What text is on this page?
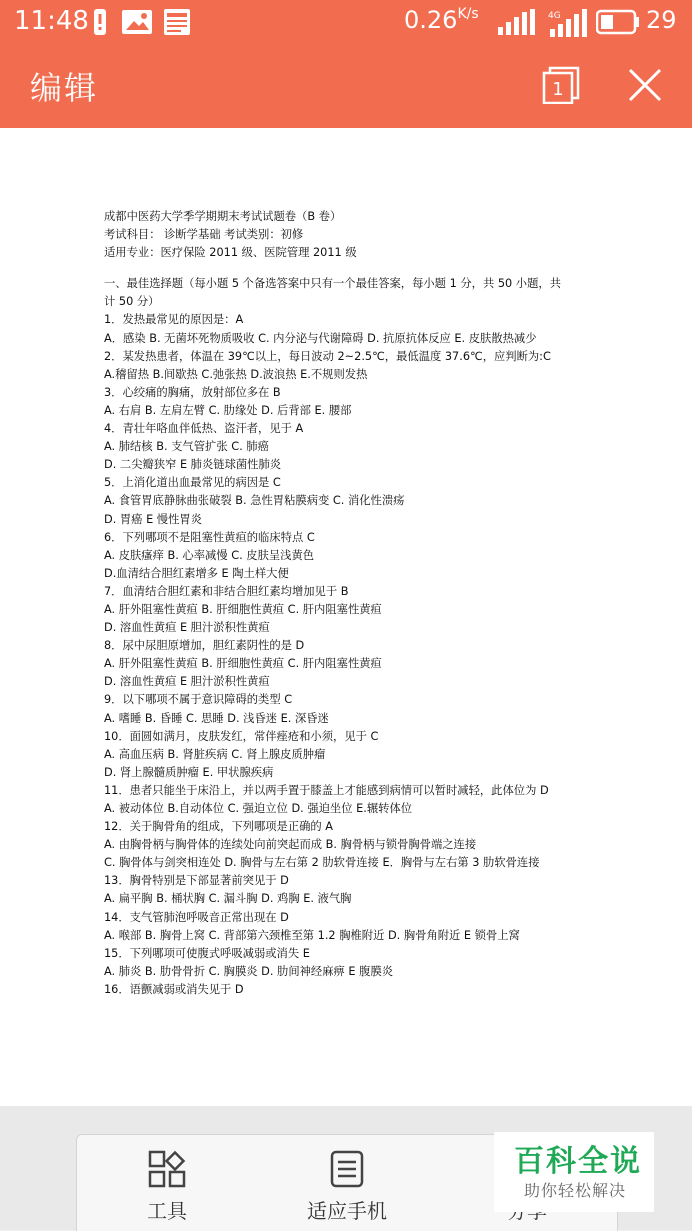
11:48	$0.26^{K/s}$	4G	29
编辑	1
成都中医药大学季学期期末考试试题卷（B 卷）
考试科目： 诊断学基础 考试类别：初修
适用专业：医疗保险 2011 级、医院管理 2011 级
一、最佳选择题（每小题 5 个备选答案中只有一个最佳答案，每小题 1 分，共 50 小题，共
计 50 分）
1．发热最常见的原因是：A
A．感染 B. 无菌坏死物质吸收 C. 内分泌与代谢障碍 D. 抗原抗体反应 E. 皮肤散热减少
2．某发热患者，体温在 39℃以上，每日波动 2~2.5℃，最低温度 37.6℃，应判断为:C
A.稽留热 B.间歇热 C.弛张热 D.波浪热 E.不规则发热
3．心绞痛的胸痛，放射部位多在 B
A. 右肩 B. 左肩左臂 C. 肋缘处 D. 后背部 E. 腰部
4．青壮年咯血伴低热、盗汗者，见于 A
A. 肺结核 B. 支气管扩张 C. 肺癌
D. 二尖瓣狭窄 E 肺炎链球菌性肺炎
5．上消化道出血最常见的病因是 C
A. 食管胃底静脉曲张破裂 B. 急性胃粘膜病变 C. 消化性溃疡
D. 胃癌 E 慢性胃炎
6．下列哪项不是阻塞性黄疸的临床特点 C
A. 皮肤瘙痒 B. 心率减慢 C. 皮肤呈浅黄色
D.血清结合胆红素增多 E 陶土样大便
7．血清结合胆红素和非结合胆红素均增加见于 B
A. 肝外阻塞性黄疸 B. 肝细胞性黄疸 C. 肝内阻塞性黄疸
D. 溶血性黄疸 E 胆汁淤积性黄疸
8．尿中尿胆原增加，胆红素阴性的是 D
A. 肝外阻塞性黄疸 B. 肝细胞性黄疸 C. 肝内阻塞性黄疸
D. 溶血性黄疸 E 胆汁淤积性黄疸
9．以下哪项不属于意识障碍的类型 C
A. 嗜睡 B. 昏睡 C. 思睡 D. 浅昏迷 E. 深昏迷
10．面圆如满月，皮肤发红，常伴痤疮和小须，见于 C
A. 高血压病 B. 肾脏疾病 C. 肾上腺皮质肿瘤
D. 肾上腺髓质肿瘤 E. 甲状腺疾病
11．患者只能坐于床沿上，并以两手置于膝盖上才能感到病情可以暂时减轻，此体位为 D
A. 被动体位 B.自动体位 C. 强迫立位 D. 强迫坐位 E.辗转体位
12．关于胸骨角的组成，下列哪项是正确的 A
A. 由胸骨柄与胸骨体的连续处向前突起而成 B. 胸骨柄与锁骨胸骨端之连接
C. 胸骨体与剑突相连处 D. 胸骨与左右第 2 肋软骨连接 E．胸骨与左右第 3 肋软骨连接
13．胸骨特别是下部显著前突见于 D
A. 扁平胸 B. 桶状胸 C. 漏斗胸 D. 鸡胸 E. 液气胸
14．支气管肺泡呼吸音正常出现在 D
A. 喉部 B. 胸骨上窝 C. 背部第六颈椎至第 1.2 胸椎附近 D. 胸骨角附近 E 锁骨上窝
15．下列哪项可使腹式呼吸减弱或消失 E
A. 肺炎 B. 肋骨骨折 C. 胸膜炎 D. 肋间神经麻痹 E 腹膜炎
16．语颤减弱或消失见于 D
工具	适应手机
百科全说
助你轻松解决
